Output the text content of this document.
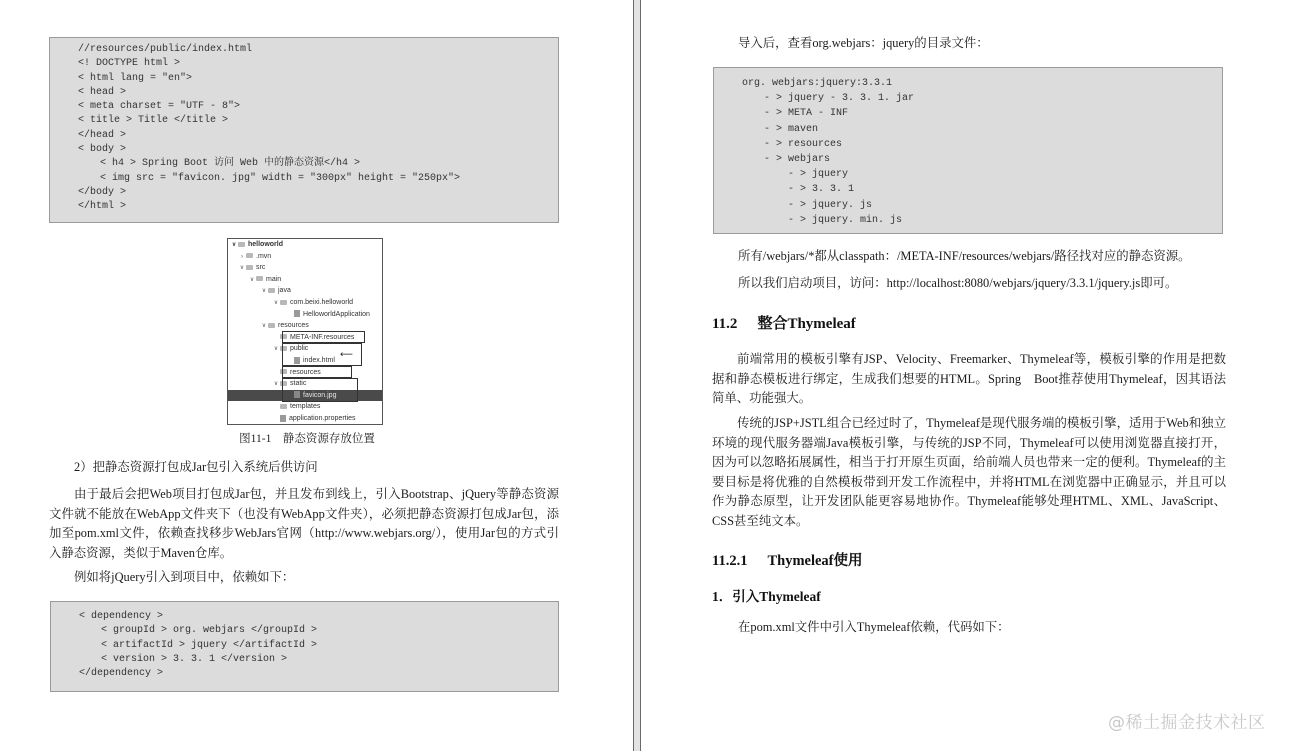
//resources/public/index.html
<! DOCTYPE html >
< html lang = "en">
< head >
< meta charset = "UTF - 8">
< title > Title </title >
</head >
< body >
< h4 > Spring Boot 访问 Web 中的静态资源</h4 >
< img src = "favicon. jpg" width = "300px" height = "250px">
</body >
</html >
∨ helloworld
› .mvn
∨ src
∨ main
∨ java
∨ com.beixi.helloworld
HelloworldApplication
∨ resources
META-INF.resources
∨ public
index.html
resources
∨ static
favicon.jpg
templates
application.properties
⟵
图11-1　静态资源存放位置
2）把静态资源打包成Jar包引入系统后供访问
由于最后会把Web项目打包成Jar包，并且发布到线上，引入Bootstrap、jQuery等静态资源文件就不能放在WebApp文件夹下（也没有WebApp文件夹），必须把静态资源打包成Jar包，添加至pom.xml文件，依赖查找移步WebJars官网（http://www.webjars.org/），使用Jar包的方式引入静态资源，类似于Maven仓库。
例如将jQuery引入到项目中，依赖如下：
< dependency >
< groupId > org. webjars </groupId >
< artifactId > jquery </artifactId >
< version > 3. 3. 1 </version >
</dependency >
导入后，查看org.webjars：jquery的目录文件：
org. webjars:jquery:3.3.1
- > jquery - 3. 3. 1. jar
- > META - INF
- > maven
- > resources
- > webjars
- > jquery
- > 3. 3. 1
- > jquery. js
- > jquery. min. js
所有/webjars/*都从classpath：/META-INF/resources/webjars/路径找对应的静态资源。
所以我们启动项目，访问：http://localhost:8080/webjars/jquery/3.3.1/jquery.js即可。
11.2 整合Thymeleaf
前端常用的模板引擎有JSP、Velocity、Freemarker、Thymeleaf等，模板引擎的作用是把数据和静态模板进行绑定，生成我们想要的HTML。Spring　Boot推荐使用Thymeleaf，因其语法简单、功能强大。
传统的JSP+JSTL组合已经过时了，Thymeleaf是现代服务端的模板引擎，适用于Web和独立环境的现代服务器端Java模板引擎，与传统的JSP不同，Thymeleaf可以使用浏览器直接打开，因为可以忽略拓展属性，相当于打开原生页面，给前端人员也带来一定的便利。Thymeleaf的主要目标是将优雅的自然模板带到开发工作流程中，并将HTML在浏览器中正确显示，并且可以作为静态原型，让开发团队能更容易地协作。Thymeleaf能够处理HTML、XML、JavaScript、CSS甚至纯文本。
11.2.1 Thymeleaf使用
1．引入Thymeleaf
在pom.xml文件中引入Thymeleaf依赖，代码如下：
@稀土掘金技术社区
